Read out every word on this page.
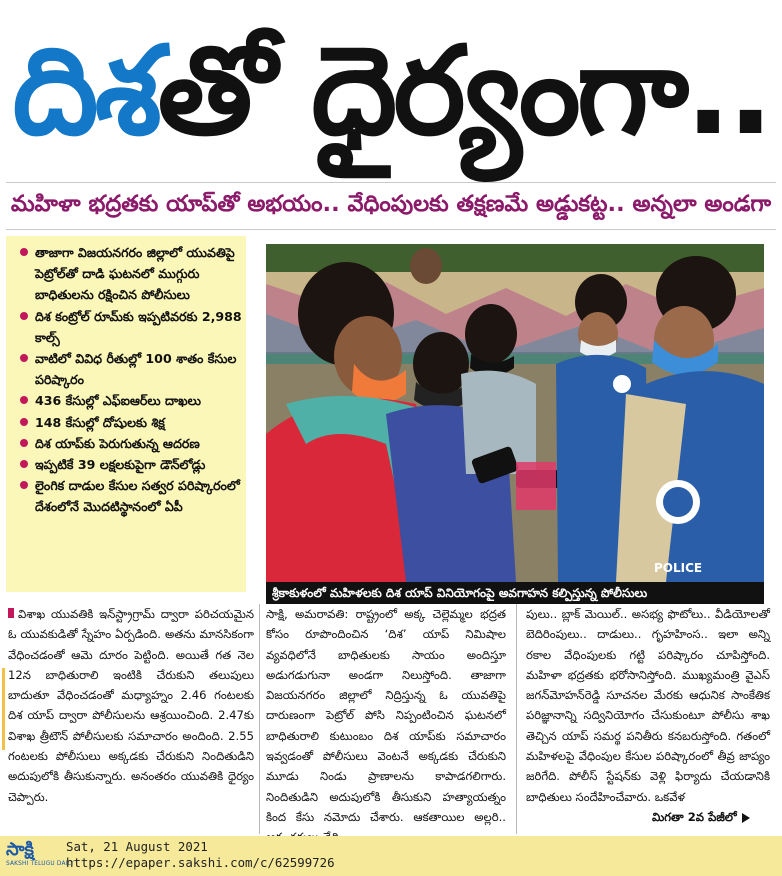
దిశ తో ధైర్యంగా..
మహిళా భద్రతకు యాప్‌తో అభయం.. వేధింపులకు తక్షణమే అడ్డుకట్ట.. అన్నలా అండగా
తాజాగా విజయనగరం జిల్లాలో యువతిపై పెట్రోల్‌తో దాడి ఘటనలో ముగ్గురు బాధితులను రక్షించిన పోలీసులు
దిశ కంట్రోల్‌ రూమ్‌కు ఇప్పటివరకు 2,988 కాల్స్‌
వాటిలో వివిధ రీతుల్లో 100 శాతం కేసుల పరిష్కారం
436 కేసుల్లో ఎఫ్‌ఐఆర్‌లు దాఖలు
148 కేసుల్లో దోషులకు శిక్ష
దిశ యాప్‌కు పెరుగుతున్న ఆదరణ
ఇప్పటికే 39 లక్షలకుపైగా డౌన్‌లోడ్లు
లైంగిక దాడుల కేసుల సత్వర పరిష్కారంలో దేశంలోనే మొదటిస్థానంలో ఏపీ
POLICE
శ్రీకాకుళంలో మహిళలకు దిశ యాప్‌ వినియోగంపై అవగాహన కల్పిస్తున్న పోలీసులు
విశాఖ యువతికి ఇన్‌స్ట్రాగ్రామ్‌ ద్వారా పరిచయమైన ఓ యువకుడితో స్నేహం ఏర్పడింది. అతను మానసికంగా వేధించడంతో ఆమె దూరం పెట్టింది. అయితే గత నెల 12న బాధితురాలి ఇంటికి చేరుకుని తలుపులు బాదుతూ వేధించడంతో మధ్యాహ్నం 2.46 గంటలకు దిశ యాప్‌ ద్వారా పోలీసులను ఆశ్రయించింది. 2.47కు విశాఖ త్రీటౌన్‌ పోలీసులకు సమాచారం అందింది. 2.55 గంటలకు పోలీసులు అక్కడకు చేరుకుని నిందితుడిని అదుపులోకి తీసుకున్నారు. అనంతరం యువతికి ధైర్యం చెప్పారు.
సాక్షి, అమరావతి: రాష్ట్రంలో అక్క చెల్లెమ్మల భద్రత కోసం రూపొందించిన ‘దిశ’ యాప్‌ నిమిషాల వ్యవధిలోనే బాధితులకు సాయం అందిస్తూ అడుగడుగునా అండగా నిలుస్తోంది. తాజాగా విజయనగరం జిల్లాలో నిద్రిస్తున్న ఓ యువతిపై దారుణంగా పెట్రోల్‌ పోసి నిప్పంటించిన ఘటనలో బాధితురాలి కుటుంబం దిశ యాప్‌కు సమాచారం ఇవ్వడంతో పోలీసులు వెంటనే అక్కడకు చేరుకుని మూడు నిండు ప్రాణాలను కాపాడగలిగారు. నిందితుడిని అదుపులోకి తీసుకుని హత్యాయత్నం కింద కేసు నమోదు చేశారు. ఆకతాయిల అల్లరి..
పులు.. బ్లాక్‌ మెయిల్‌.. అసభ్య ఫొటోలు.. వీడియోలతో బెదిరింపులు.. దాడులు.. గృహహింస.. ఇలా అన్ని రకాల వేధింపులకు గట్టి పరిష్కారం చూపిస్తోంది. మహిళా భద్రతకు భరోసానిస్తోంది. ముఖ్యమంత్రి వైఎస్‌ జగన్‌మోహన్‌రెడ్డి సూచనల మేరకు ఆధునిక సాంకేతిక పరిజ్ఞానాన్ని సద్వినియోగం చేసుకుంటూ పోలీసు శాఖ తెచ్చిన యాప్‌ సమర్థ పనితీరు కనబరుస్తోంది. గతంలో మహిళలపై వేధింపుల కేసుల పరిష్కారంలో తీవ్ర జాప్యం జరిగేది. పోలీస్‌ స్టేషన్‌కు వెళ్లి ఫిర్యాదు చేయడానికి బాధితులు సందేహించేవారు. ఒకవేళ
మిగతా 2వ పేజీలో
సాక్షి
SAKSHI TELUGU DAILY
Sat, 21 August 2021
https://epaper.sakshi.com/c/62599726
